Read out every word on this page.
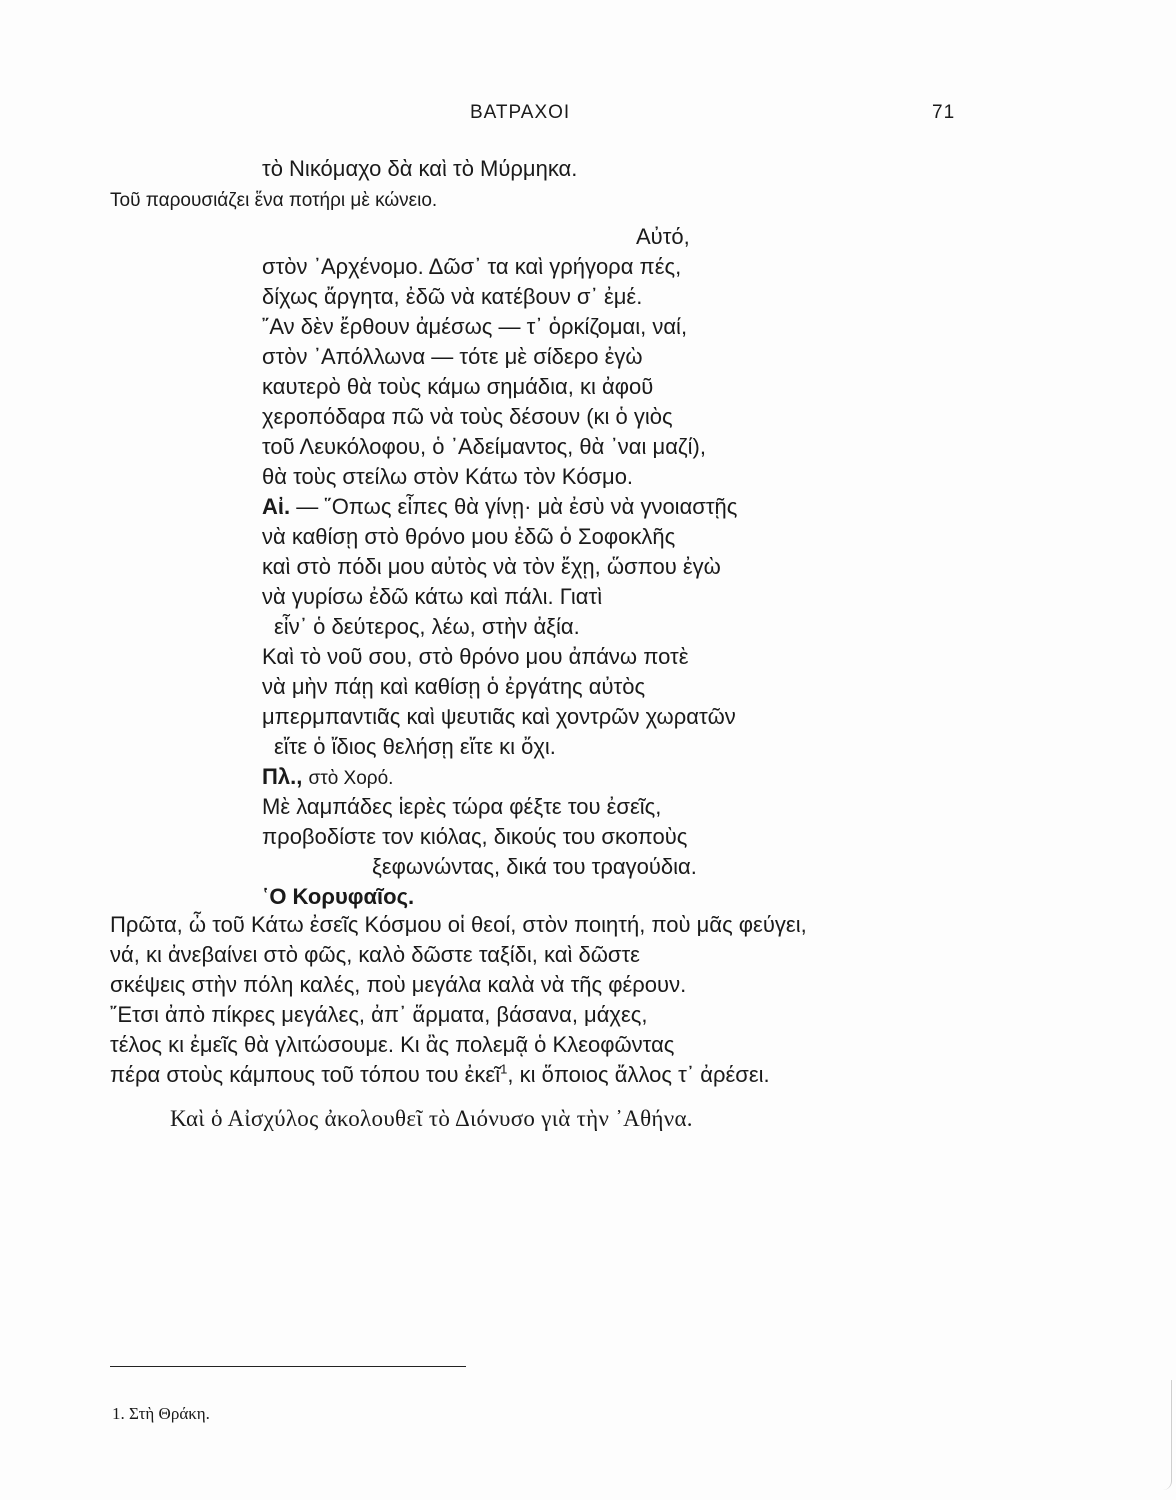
ΒΑΤΡΑΧΟΙ	71
τὸ Νικόμαχο δὰ καὶ τὸ Μύρμηκα.
Τοῦ παρουσιάζει ἕνα ποτήρι μὲ κώνειο.
Αὐτό,
στὸν ᾿Αρχένομο. Δῶσ᾿ τα καὶ γρήγορα πές,
δίχως ἄργητα, ἐδῶ νὰ κατέβουν σ᾿ ἐμέ.
῎Αν δὲν ἔρθουν ἀμέσως — τ᾿ ὁρκίζομαι, ναί,
στὸν ᾿Απόλλωνα — τότε μὲ σίδερο ἐγὼ
καυτερὸ θὰ τοὺς κάμω σημάδια, κι ἀφοῦ
χεροπόδαρα πῶ νὰ τοὺς δέσουν (κι ὁ γιὸς
τοῦ Λευκόλοφου, ὁ ᾿Αδείμαντος, θὰ ᾿ναι μαζί),
θὰ τοὺς στείλω στὸν Κάτω τὸν Κόσμο.
Αἰ. — ῞Οπως εἶπες θὰ γίνῃ· μὰ ἐσὺ νὰ γνοιαστῇς
νὰ καθίσῃ στὸ θρόνο μου ἐδῶ ὁ Σοφοκλῆς
καὶ στὸ πόδι μου αὐτὸς νὰ τὸν ἔχῃ, ὥσπου ἐγὼ
νὰ γυρίσω ἐδῶ κάτω καὶ πάλι. Γιατὶ
εἶν᾿ ὁ δεύτερος, λέω, στὴν ἀξία.
Καὶ τὸ νοῦ σου, στὸ θρόνο μου ἀπάνω ποτὲ
νὰ μὴν πάῃ καὶ καθίσῃ ὁ ἐργάτης αὐτὸς
μπερμπαντιᾶς καὶ ψευτιᾶς καὶ χοντρῶν χωρατῶν
εἴτε ὁ ἴδιος θελήσῃ εἴτε κι ὄχι.
Πλ., στὸ Χορό.
Μὲ λαμπάδες ἱερὲς τώρα φέξτε του ἐσεῖς,
προβοδίστε τον κιόλας, δικούς του σκοποὺς
ξεφωνώντας, δικά του τραγούδια.
῾Ο Κορυφαῖος.
Πρῶτα, ὦ τοῦ Κάτω ἐσεῖς Κόσμου οἱ θεοί, στὸν ποιητή, ποὺ μᾶς φεύγει,
νά, κι ἀνεβαίνει στὸ φῶς, καλὸ δῶστε ταξίδι, καὶ δῶστε
σκέψεις στὴν πόλη καλές, ποὺ μεγάλα καλὰ νὰ τῆς φέρουν.
῎Ετσι ἀπὸ πίκρες μεγάλες, ἀπ᾿ ἅρματα, βάσανα, μάχες,
τέλος κι ἐμεῖς θὰ γλιτώσουμε. Κι ἂς πολεμᾷ ὁ Κλεοφῶντας
πέρα στοὺς κάμπους τοῦ τόπου του ἐκεῖ$^1$, κι ὅποιος ἄλλος τ᾿ ἀρέσει.
Καὶ ὁ Αἰσχύλος ἀκολουθεῖ τὸ Διόνυσο γιὰ τὴν ᾿Αθήνα.
1. Στὴ Θράκη.
